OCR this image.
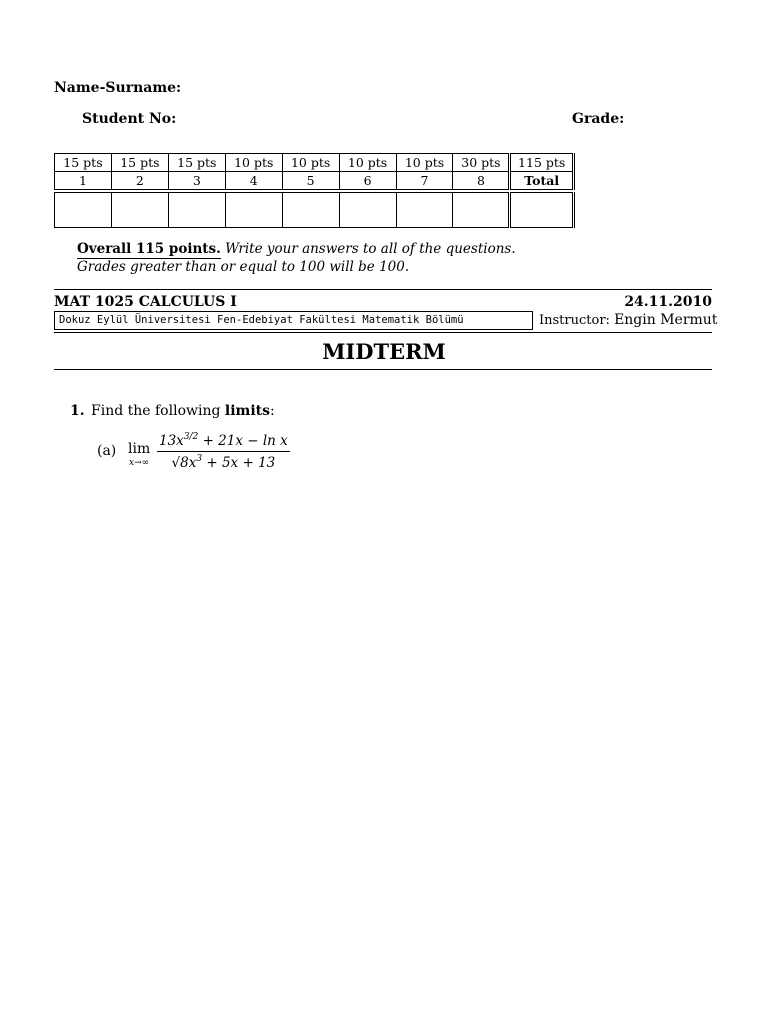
Name-Surname:
Student No:	Grade:
15 pts	15 pts	15 pts	10 pts	10 pts	10 pts	10 pts	30 pts	115 pts
1	2	3	4	5	6	7	8	Total

Overall 115 points. Write your answers to all of the questions.
Grades greater than or equal to 100 will be 100.
MAT 1025 CALCULUS I	24.11.2010
Dokuz Eylül Üniversitesi Fen-Edebiyat Fakültesi Matematik Bölümü	Instructor: Engin Mermut
MIDTERM
1. Find the following limits:
(a) lim
$x\to\infty \frac{13x^{3/2} + 21x - \ln x}{√8x^3 + 5x + 13}$
